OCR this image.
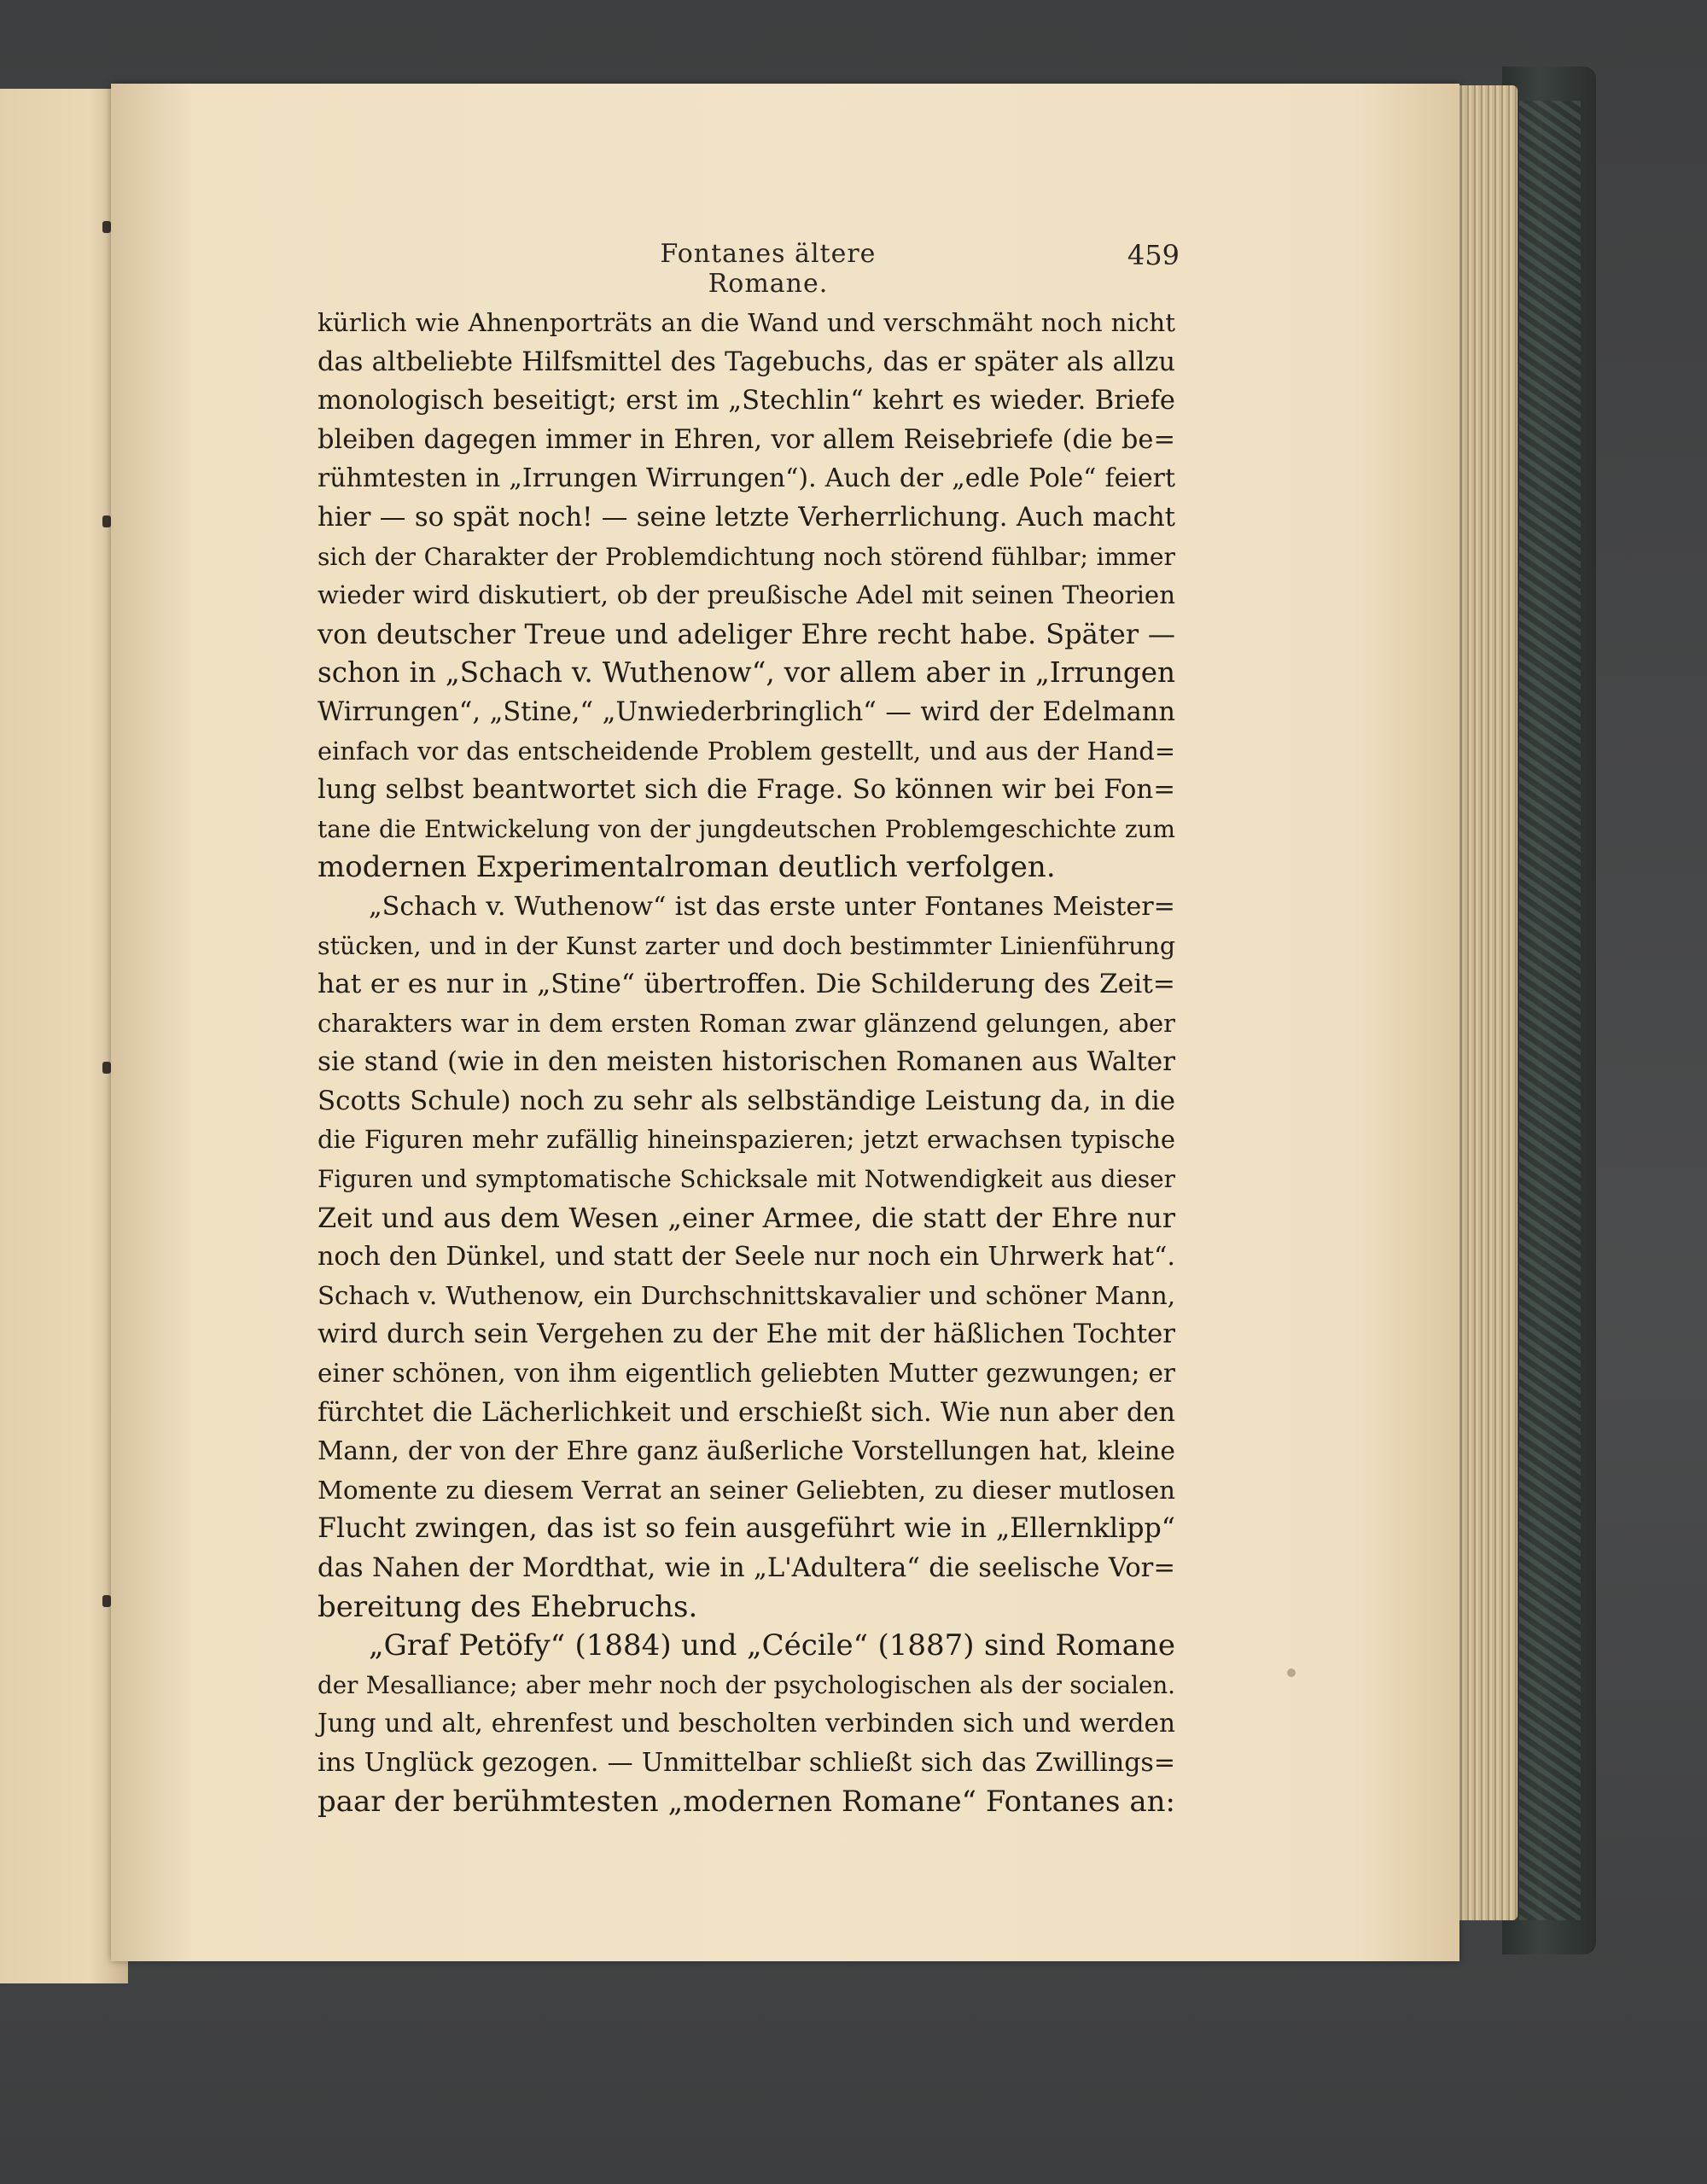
Fontanes ältere Romane.
459
kürlich wie Ahnenporträts an die Wand und verschmäht noch nicht
das altbeliebte Hilfsmittel des Tagebuchs, das er später als allzu
monologisch beseitigt; erst im „Stechlin“ kehrt es wieder. Briefe
bleiben dagegen immer in Ehren, vor allem Reisebriefe (die be=
rühmtesten in „Irrungen Wirrungen“). Auch der „edle Pole“ feiert
hier — so spät noch! — seine letzte Verherrlichung. Auch macht
sich der Charakter der Problemdichtung noch störend fühlbar; immer
wieder wird diskutiert, ob der preußische Adel mit seinen Theorien
von deutscher Treue und adeliger Ehre recht habe. Später —
schon in „Schach v. Wuthenow“, vor allem aber in „Irrungen
Wirrungen“, „Stine,“ „Unwiederbringlich“ — wird der Edelmann
einfach vor das entscheidende Problem gestellt, und aus der Hand=
lung selbst beantwortet sich die Frage. So können wir bei Fon=
tane die Entwickelung von der jungdeutschen Problemgeschichte zum
modernen Experimentalroman deutlich verfolgen.
„Schach v. Wuthenow“ ist das erste unter Fontanes Meister=
stücken, und in der Kunst zarter und doch bestimmter Linienführung
hat er es nur in „Stine“ übertroffen. Die Schilderung des Zeit=
charakters war in dem ersten Roman zwar glänzend gelungen, aber
sie stand (wie in den meisten historischen Romanen aus Walter
Scotts Schule) noch zu sehr als selbständige Leistung da, in die
die Figuren mehr zufällig hineinspazieren; jetzt erwachsen typische
Figuren und symptomatische Schicksale mit Notwendigkeit aus dieser
Zeit und aus dem Wesen „einer Armee, die statt der Ehre nur
noch den Dünkel, und statt der Seele nur noch ein Uhrwerk hat“.
Schach v. Wuthenow, ein Durchschnittskavalier und schöner Mann,
wird durch sein Vergehen zu der Ehe mit der häßlichen Tochter
einer schönen, von ihm eigentlich geliebten Mutter gezwungen; er
fürchtet die Lächerlichkeit und erschießt sich. Wie nun aber den
Mann, der von der Ehre ganz äußerliche Vorstellungen hat, kleine
Momente zu diesem Verrat an seiner Geliebten, zu dieser mutlosen
Flucht zwingen, das ist so fein ausgeführt wie in „Ellernklipp“
das Nahen der Mordthat, wie in „L'Adultera“ die seelische Vor=
bereitung des Ehebruchs.
„Graf Petöfy“ (1884) und „Cécile“ (1887) sind Romane
der Mesalliance; aber mehr noch der psychologischen als der socialen.
Jung und alt, ehrenfest und bescholten verbinden sich und werden
ins Unglück gezogen. — Unmittelbar schließt sich das Zwillings=
paar der berühmtesten „modernen Romane“ Fontanes an:
